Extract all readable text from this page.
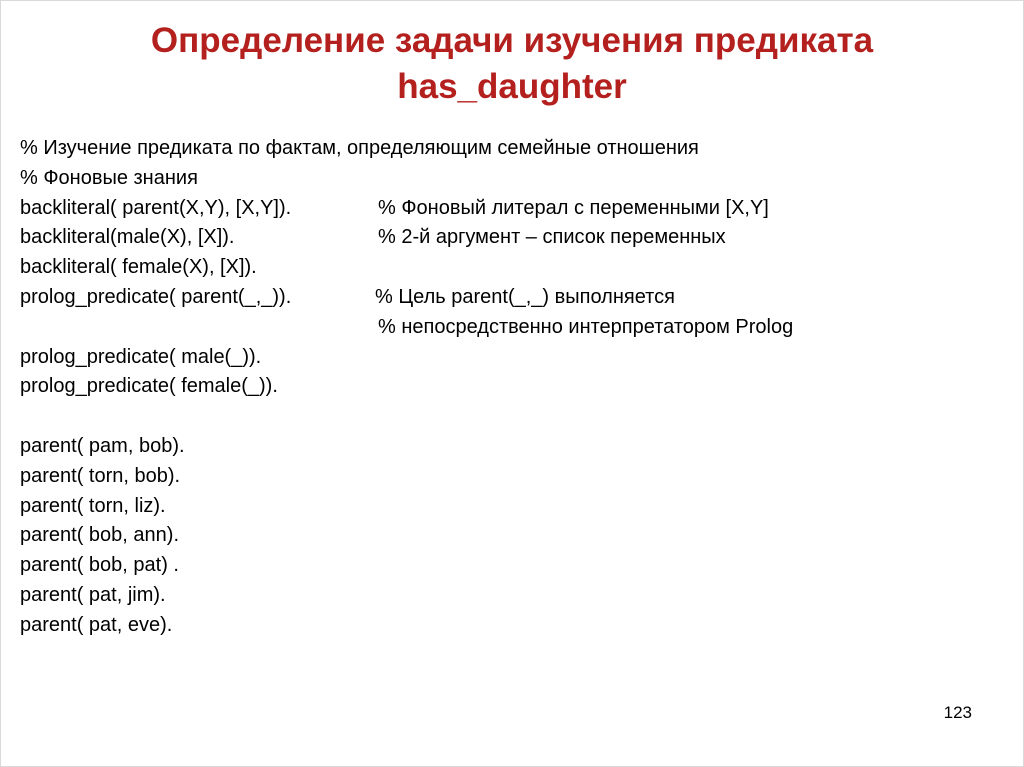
Определение задачи изучения предиката
has_daughter

% Изучение предиката по фактам, определяющим семейные отношения

% Фоновые знания

backliteral( parent(X,Y), [X,Y]).

	% Фоновый литерал с переменными [X,Y]

backliteral(male(X), [X]).

	% 2-й аргумент – список переменных

backliteral( female(X), [X]).

prolog_predicate( parent(_,_)).

	% Цель parent(_,_) выполняется

% непосредственно интерпретатором Prolog

prolog_predicate( male(_)).

prolog_predicate( female(_)).

parent( pam, bob).

parent( torn, bob).

parent( torn, liz).

parent( bob, ann).

parent( bob, pat) .

parent( pat, jim).

parent( pat, eve).

123
